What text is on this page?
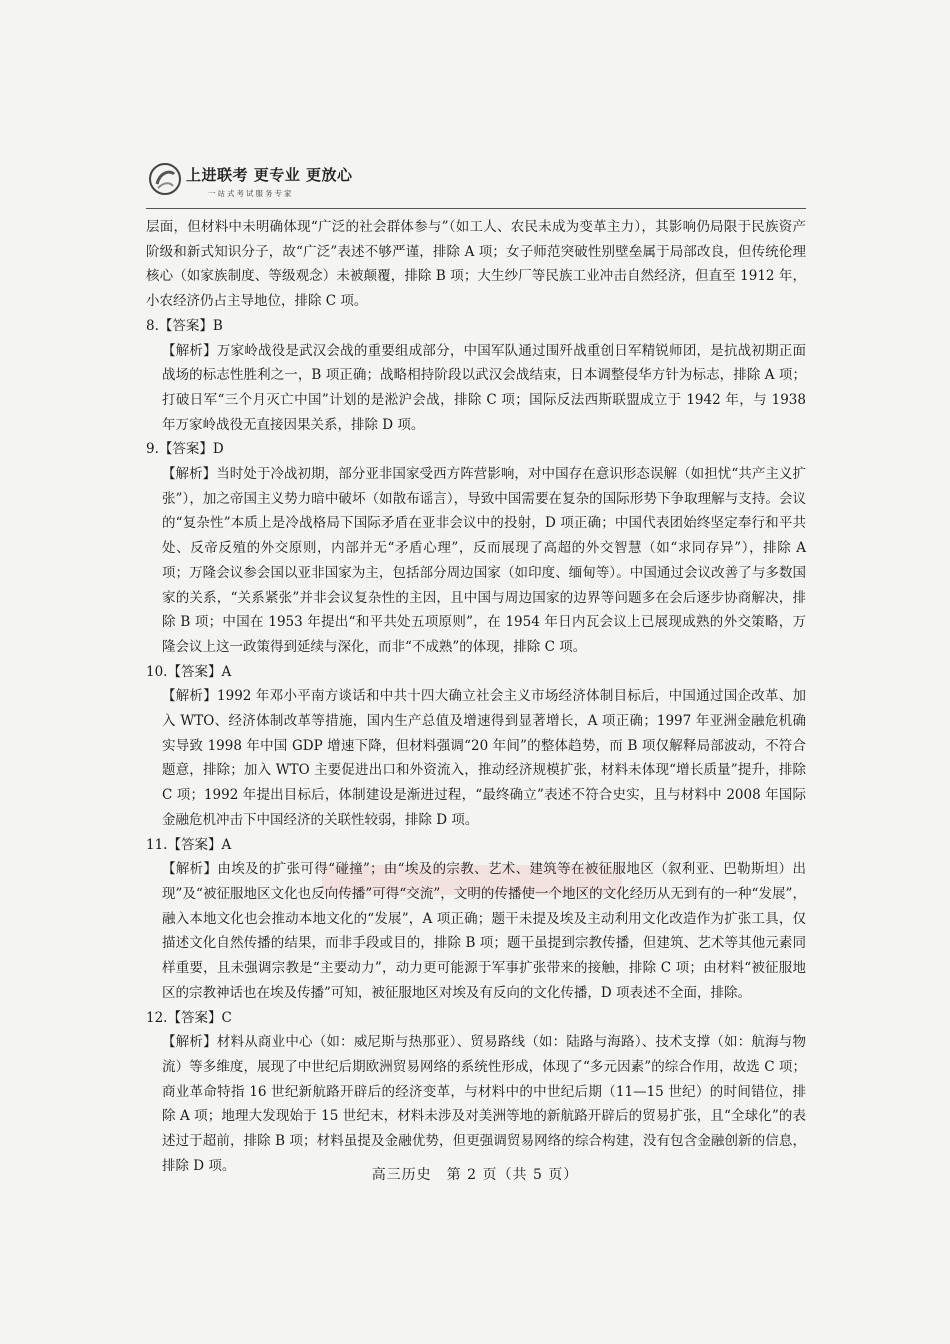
上进联考 更专业 更放心
一站式考试服务专家

层面，但材料中未明确体现“广泛的社会群体参与”（如工人、农民未成为变革主力），其影响仍局限于民族资产阶级和新式知识分子，故“广泛”表述不够严谨，排除 A 项；女子师范突破性别壁垒属于局部改良，但传统伦理核心（如家族制度、等级观念）未被颠覆，排除 B 项；大生纱厂等民族工业冲击自然经济，但直至 1912 年，小农经济仍占主导地位，排除 C 项。

8.【答案】B

【解析】万家岭战役是武汉会战的重要组成部分，中国军队通过围歼战重创日军精锐师团，是抗战初期正面战场的标志性胜利之一，B 项正确；战略相持阶段以武汉会战结束，日本调整侵华方针为标志，排除 A 项；打破日军“三个月灭亡中国”计划的是淞沪会战，排除 C 项；国际反法西斯联盟成立于 1942 年，与 1938 年万家岭战役无直接因果关系，排除 D 项。

9.【答案】D

【解析】当时处于冷战初期，部分亚非国家受西方阵营影响，对中国存在意识形态误解（如担忧“共产主义扩张”），加之帝国主义势力暗中破坏（如散布谣言），导致中国需要在复杂的国际形势下争取理解与支持。会议的“复杂性”本质上是冷战格局下国际矛盾在亚非会议中的投射，D 项正确；中国代表团始终坚定奉行和平共处、反帝反殖的外交原则，内部并无“矛盾心理”，反而展现了高超的外交智慧（如“求同存异”），排除 A 项；万隆会议参会国以亚非国家为主，包括部分周边国家（如印度、缅甸等）。中国通过会议改善了与多数国家的关系，“关系紧张”并非会议复杂性的主因，且中国与周边国家的边界等问题多在会后逐步协商解决，排除 B 项；中国在 1953 年提出“和平共处五项原则”，在 1954 年日内瓦会议上已展现成熟的外交策略，万隆会议上这一政策得到延续与深化，而非“不成熟”的体现，排除 C 项。

10.【答案】A

【解析】1992 年邓小平南方谈话和中共十四大确立社会主义市场经济体制目标后，中国通过国企改革、加入 WTO、经济体制改革等措施，国内生产总值及增速得到显著增长，A 项正确；1997 年亚洲金融危机确实导致 1998 年中国 GDP 增速下降，但材料强调“20 年间”的整体趋势，而 B 项仅解释局部波动，不符合题意，排除；加入 WTO 主要促进出口和外资流入，推动经济规模扩张，材料未体现“增长质量”提升，排除 C 项；1992 年提出目标后，体制建设是渐进过程，“最终确立”表述不符合史实，且与材料中 2008 年国际金融危机冲击下中国经济的关联性较弱，排除 D 项。

11.【答案】A

【解析】由埃及的扩张可得“碰撞”；由“埃及的宗教、艺术、建筑等在被征服地区（叙利亚、巴勒斯坦）出现”及“被征服地区文化也反向传播”可得“交流”，文明的传播使一个地区的文化经历从无到有的一种“发展”，融入本地文化也会推动本地文化的“发展”，A 项正确；题干未提及埃及主动利用文化改造作为扩张工具，仅描述文化自然传播的结果，而非手段或目的，排除 B 项；题干虽提到宗教传播，但建筑、艺术等其他元素同样重要，且未强调宗教是“主要动力”，动力更可能源于军事扩张带来的接触，排除 C 项；由材料“被征服地区的宗教神话也在埃及传播”可知，被征服地区对埃及有反向的文化传播，D 项表述不全面，排除。

12.【答案】C

【解析】材料从商业中心（如：威尼斯与热那亚）、贸易路线（如：陆路与海路）、技术支撑（如：航海与物流）等多维度，展现了中世纪后期欧洲贸易网络的系统性形成，体现了“多元因素”的综合作用，故选 C 项；商业革命特指 16 世纪新航路开辟后的经济变革，与材料中的中世纪后期（11—15 世纪）的时间错位，排除 A 项；地理大发现始于 15 世纪末，材料未涉及对美洲等地的新航路开辟后的贸易扩张，且“全球化”的表述过于超前，排除 B 项；材料虽提及金融优势，但更强调贸易网络的综合构建，没有包含金融创新的信息，排除 D 项。

高三历史　第 2 页（共 5 页）
